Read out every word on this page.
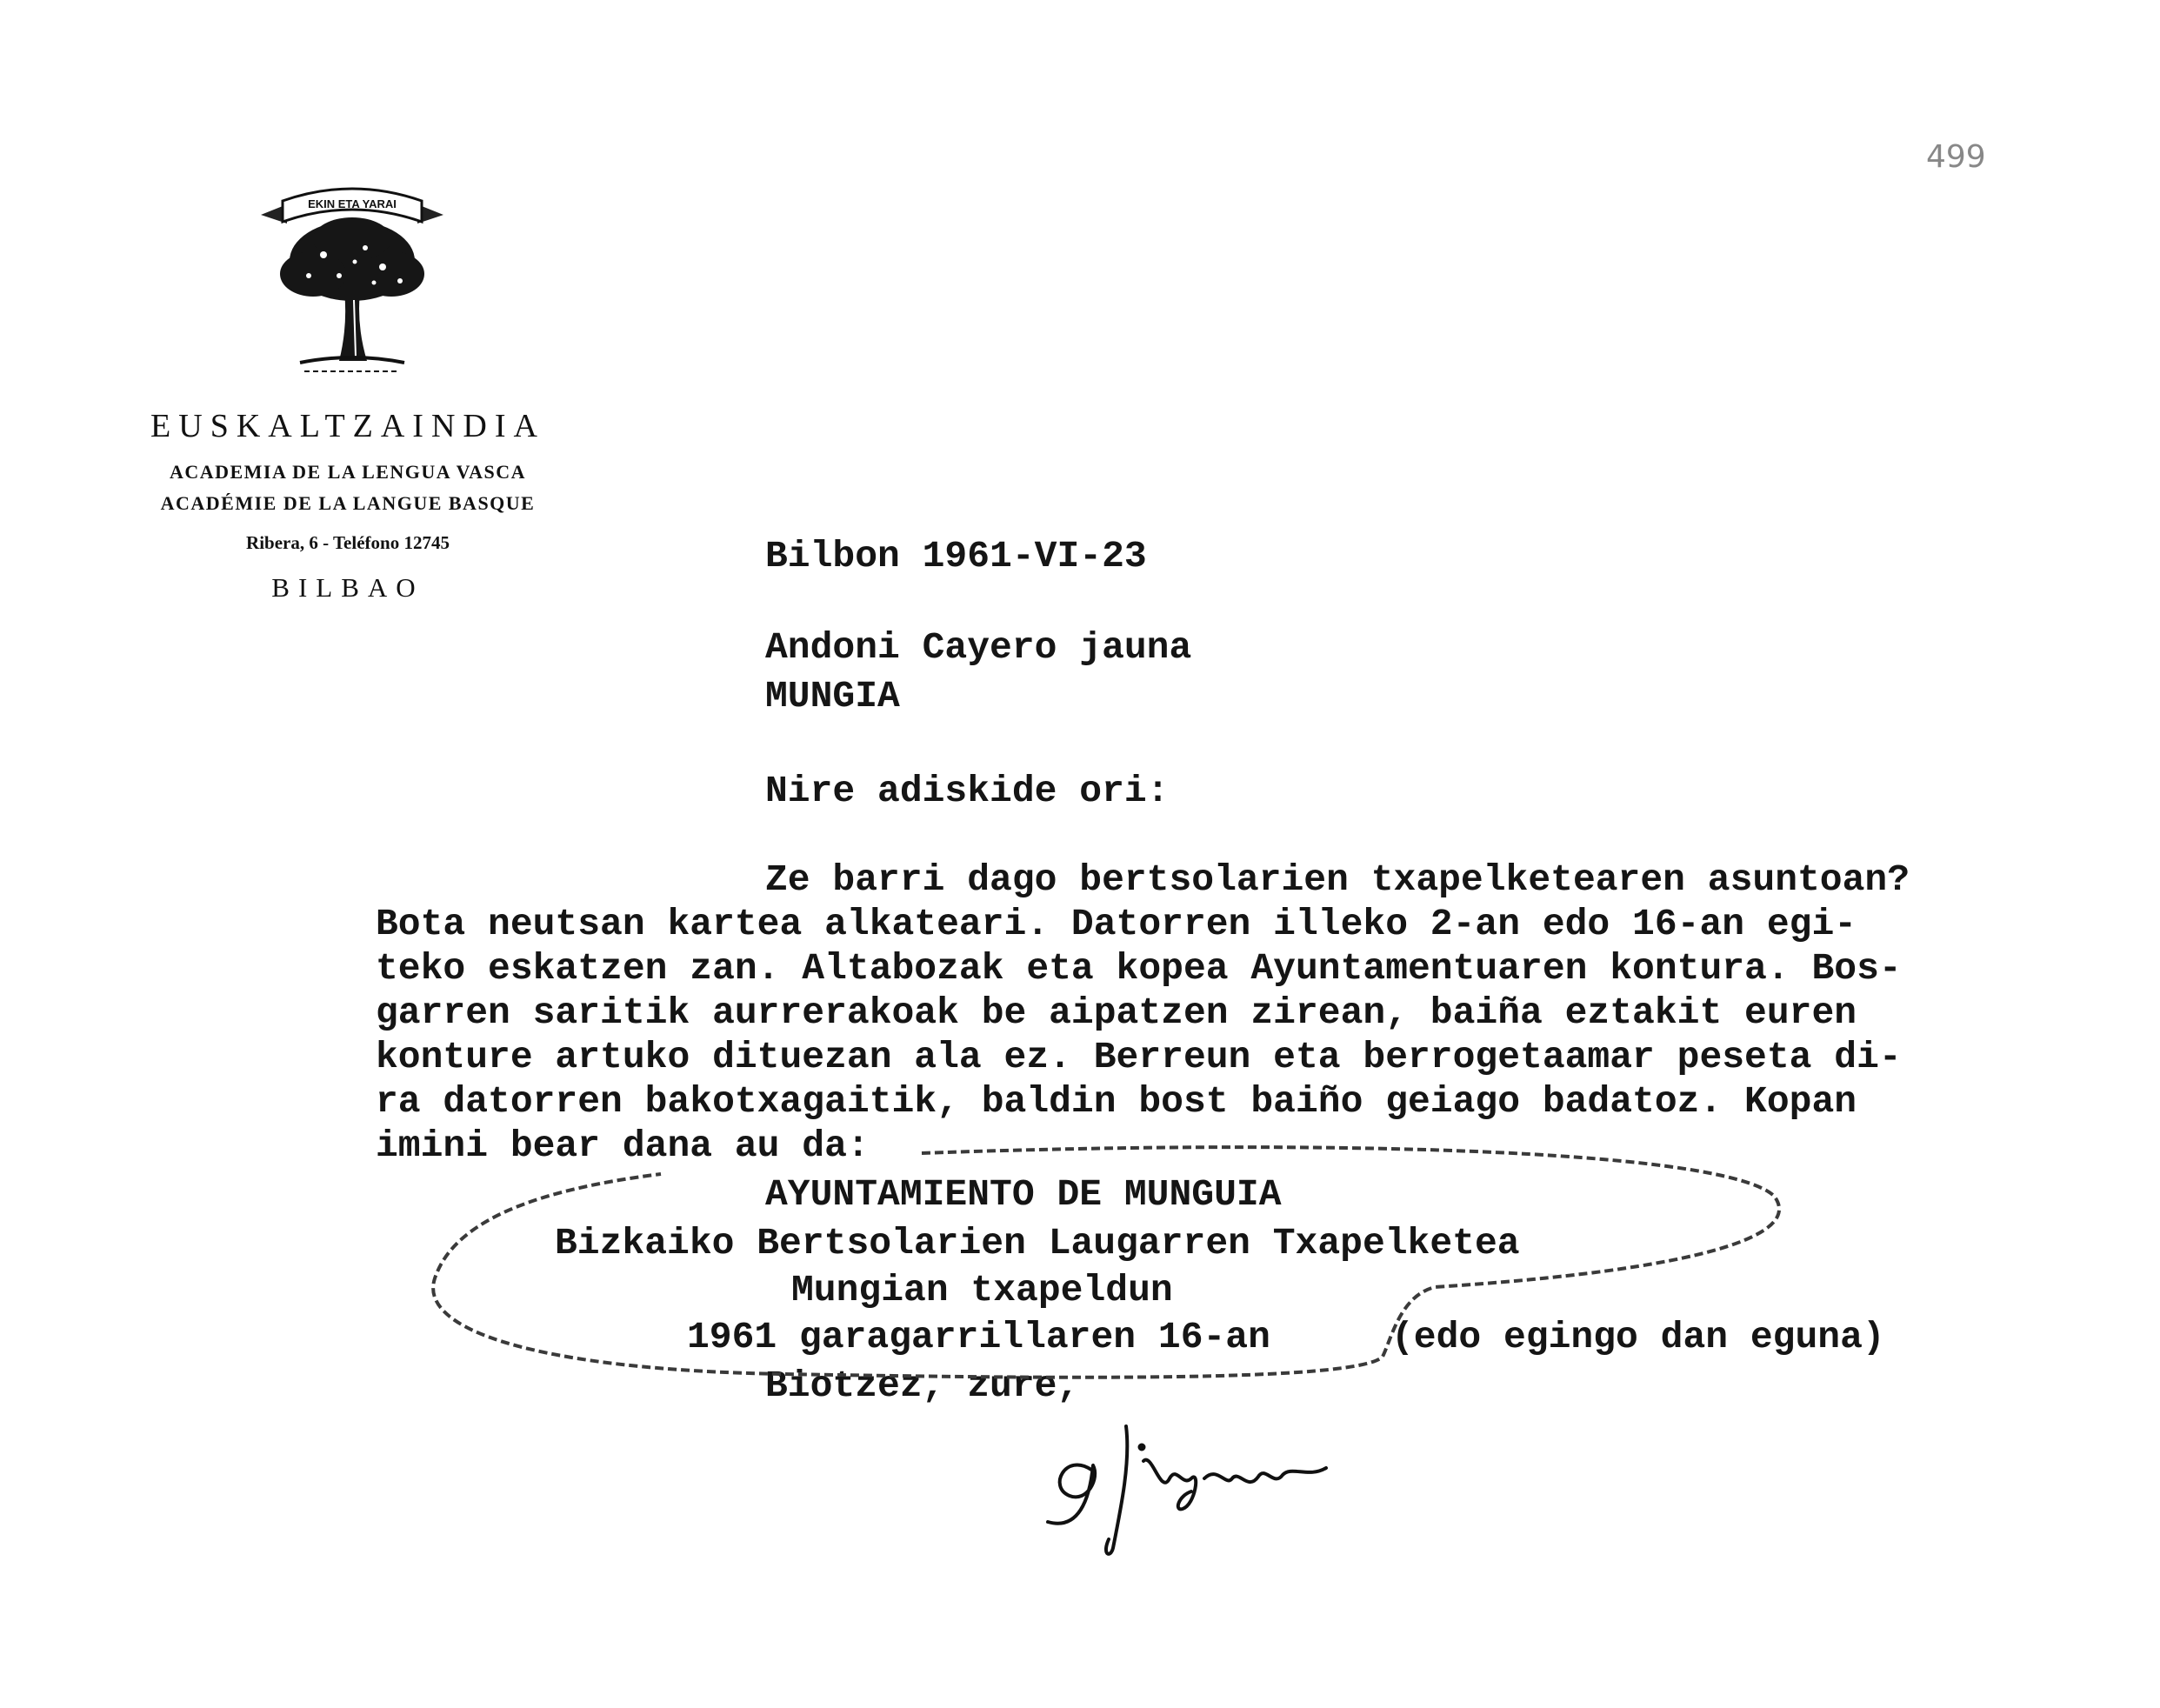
EKIN ETA YARAI
EUSKALTZAINDIA
ACADEMIA DE LA LENGUA VASCA
ACADÉMIE DE LA LANGUE BASQUE
Ribera, 6 - Teléfono 12745
BILBAO
499
Bilbon 1961-VI-23
Andoni Cayero jauna
MUNGIA
Nire adiskide ori:
Ze barri dago bertsolarien txapelketearen asuntoan?
Bota neutsan kartea alkateari. Datorren illeko 2-an edo 16-an egi-
teko eskatzen zan. Altabozak eta kopea Ayuntamentuaren kontura. Bos-
garren saritik aurrerakoak be aipatzen zirean, baiña eztakit euren
konture artuko dituezan ala ez. Berreun eta berrogetaamar peseta di-
ra datorren bakotxagaitik, baldin bost baiño geiago badatoz. Kopan
imini bear dana au da:
AYUNTAMIENTO DE MUNGUIA
Bizkaiko Bertsolarien Laugarren Txapelketea
Mungian txapeldun
1961 garagarrillaren 16-an	(edo egingo dan eguna)
Biotzez, zure,
